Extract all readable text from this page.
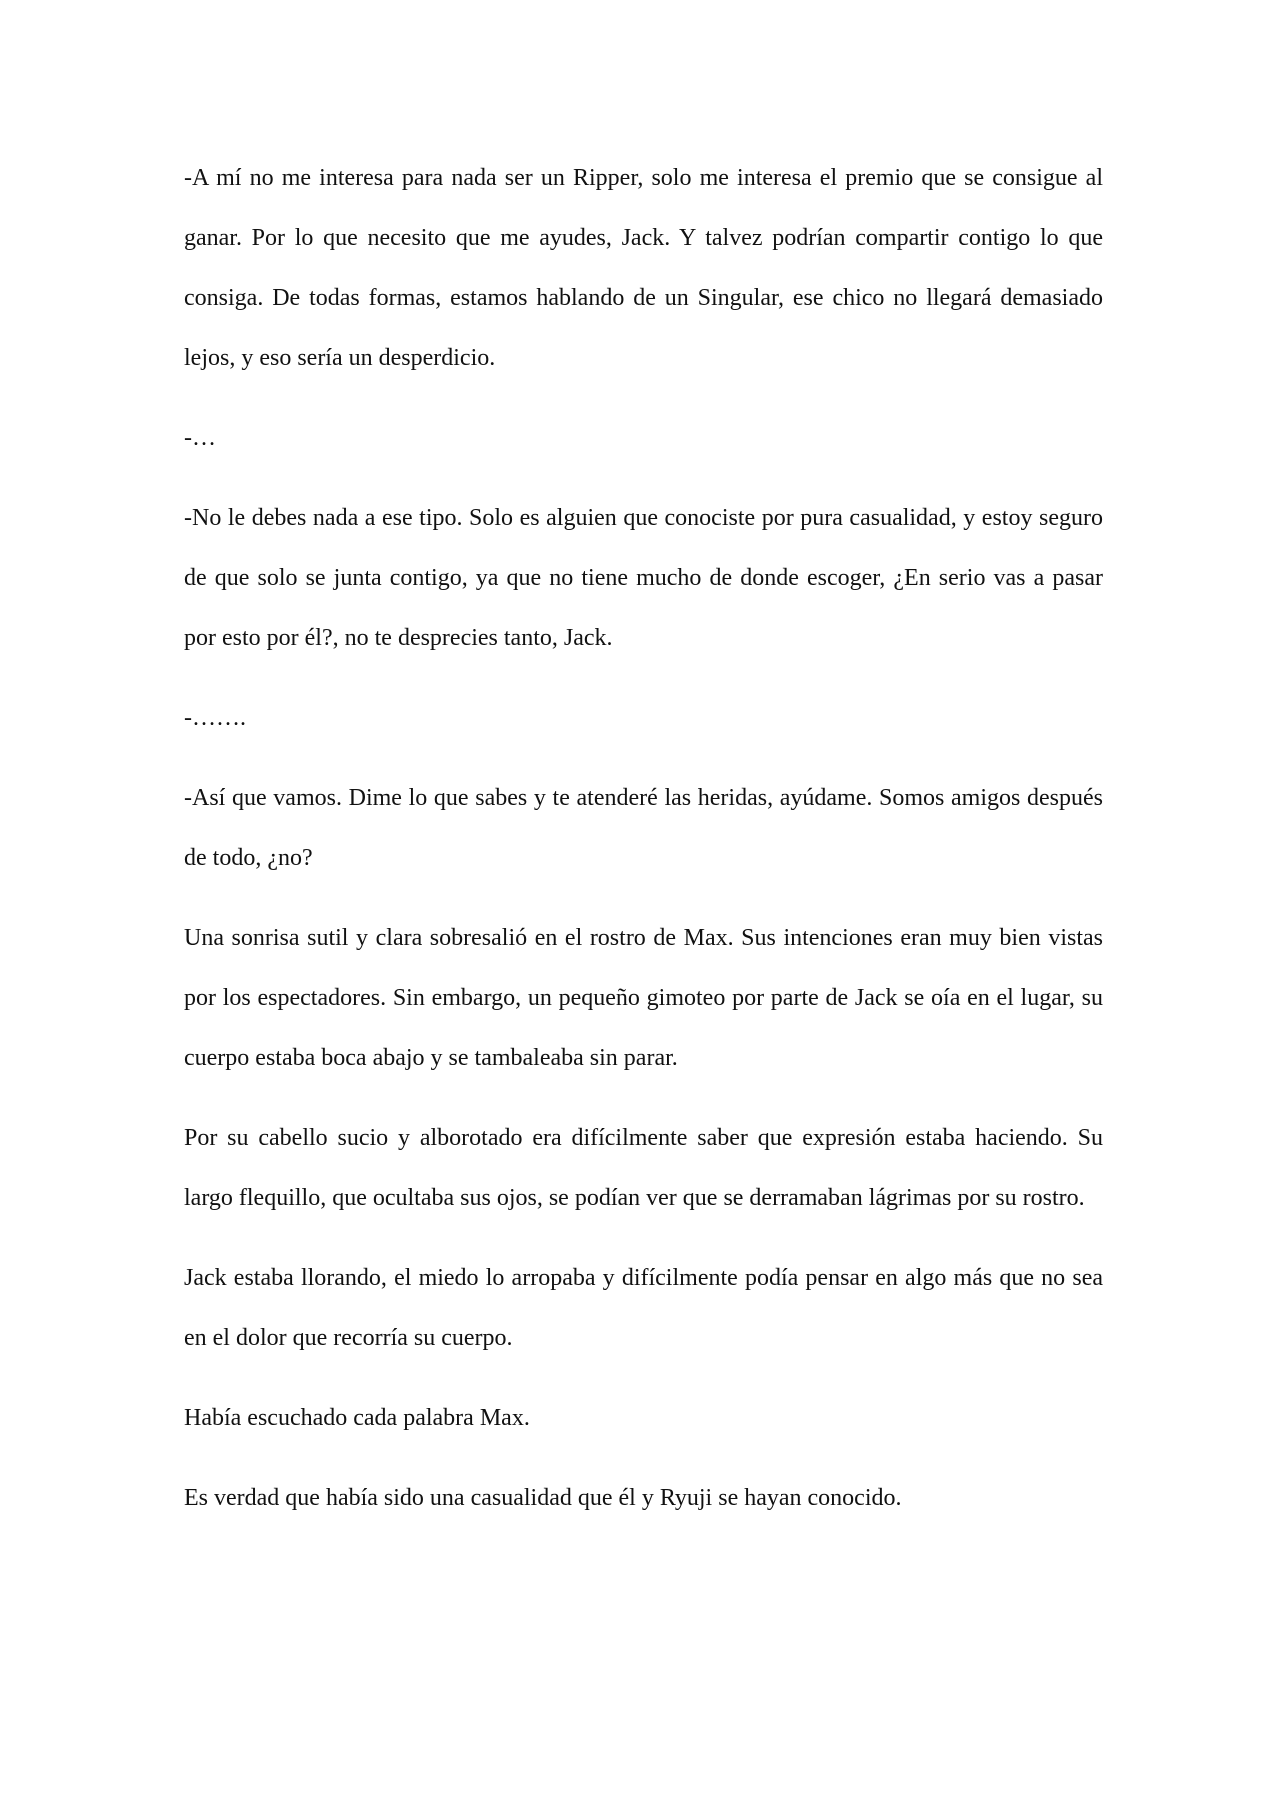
-A mí no me interesa para nada ser un Ripper, solo me interesa el premio que se consigue al ganar. Por lo que necesito que me ayudes, Jack. Y talvez podrían compartir contigo lo que consiga. De todas formas, estamos hablando de un Singular, ese chico no llegará demasiado lejos, y eso sería un desperdicio.

-…

-No le debes nada a ese tipo. Solo es alguien que conociste por pura casualidad, y estoy seguro de que solo se junta contigo, ya que no tiene mucho de donde escoger, ¿En serio vas a pasar por esto por él?, no te desprecies tanto, Jack.

-…….

-Así que vamos. Dime lo que sabes y te atenderé las heridas, ayúdame. Somos amigos después de todo, ¿no?

Una sonrisa sutil y clara sobresalió en el rostro de Max. Sus intenciones eran muy bien vistas por los espectadores. Sin embargo, un pequeño gimoteo por parte de Jack se oía en el lugar, su cuerpo estaba boca abajo y se tambaleaba sin parar.

Por su cabello sucio y alborotado era difícilmente saber que expresión estaba haciendo. Su largo flequillo, que ocultaba sus ojos, se podían ver que se derramaban lágrimas por su rostro.

Jack estaba llorando, el miedo lo arropaba y difícilmente podía pensar en algo más que no sea en el dolor que recorría su cuerpo.

Había escuchado cada palabra Max.

Es verdad que había sido una casualidad que él y Ryuji se hayan conocido.
